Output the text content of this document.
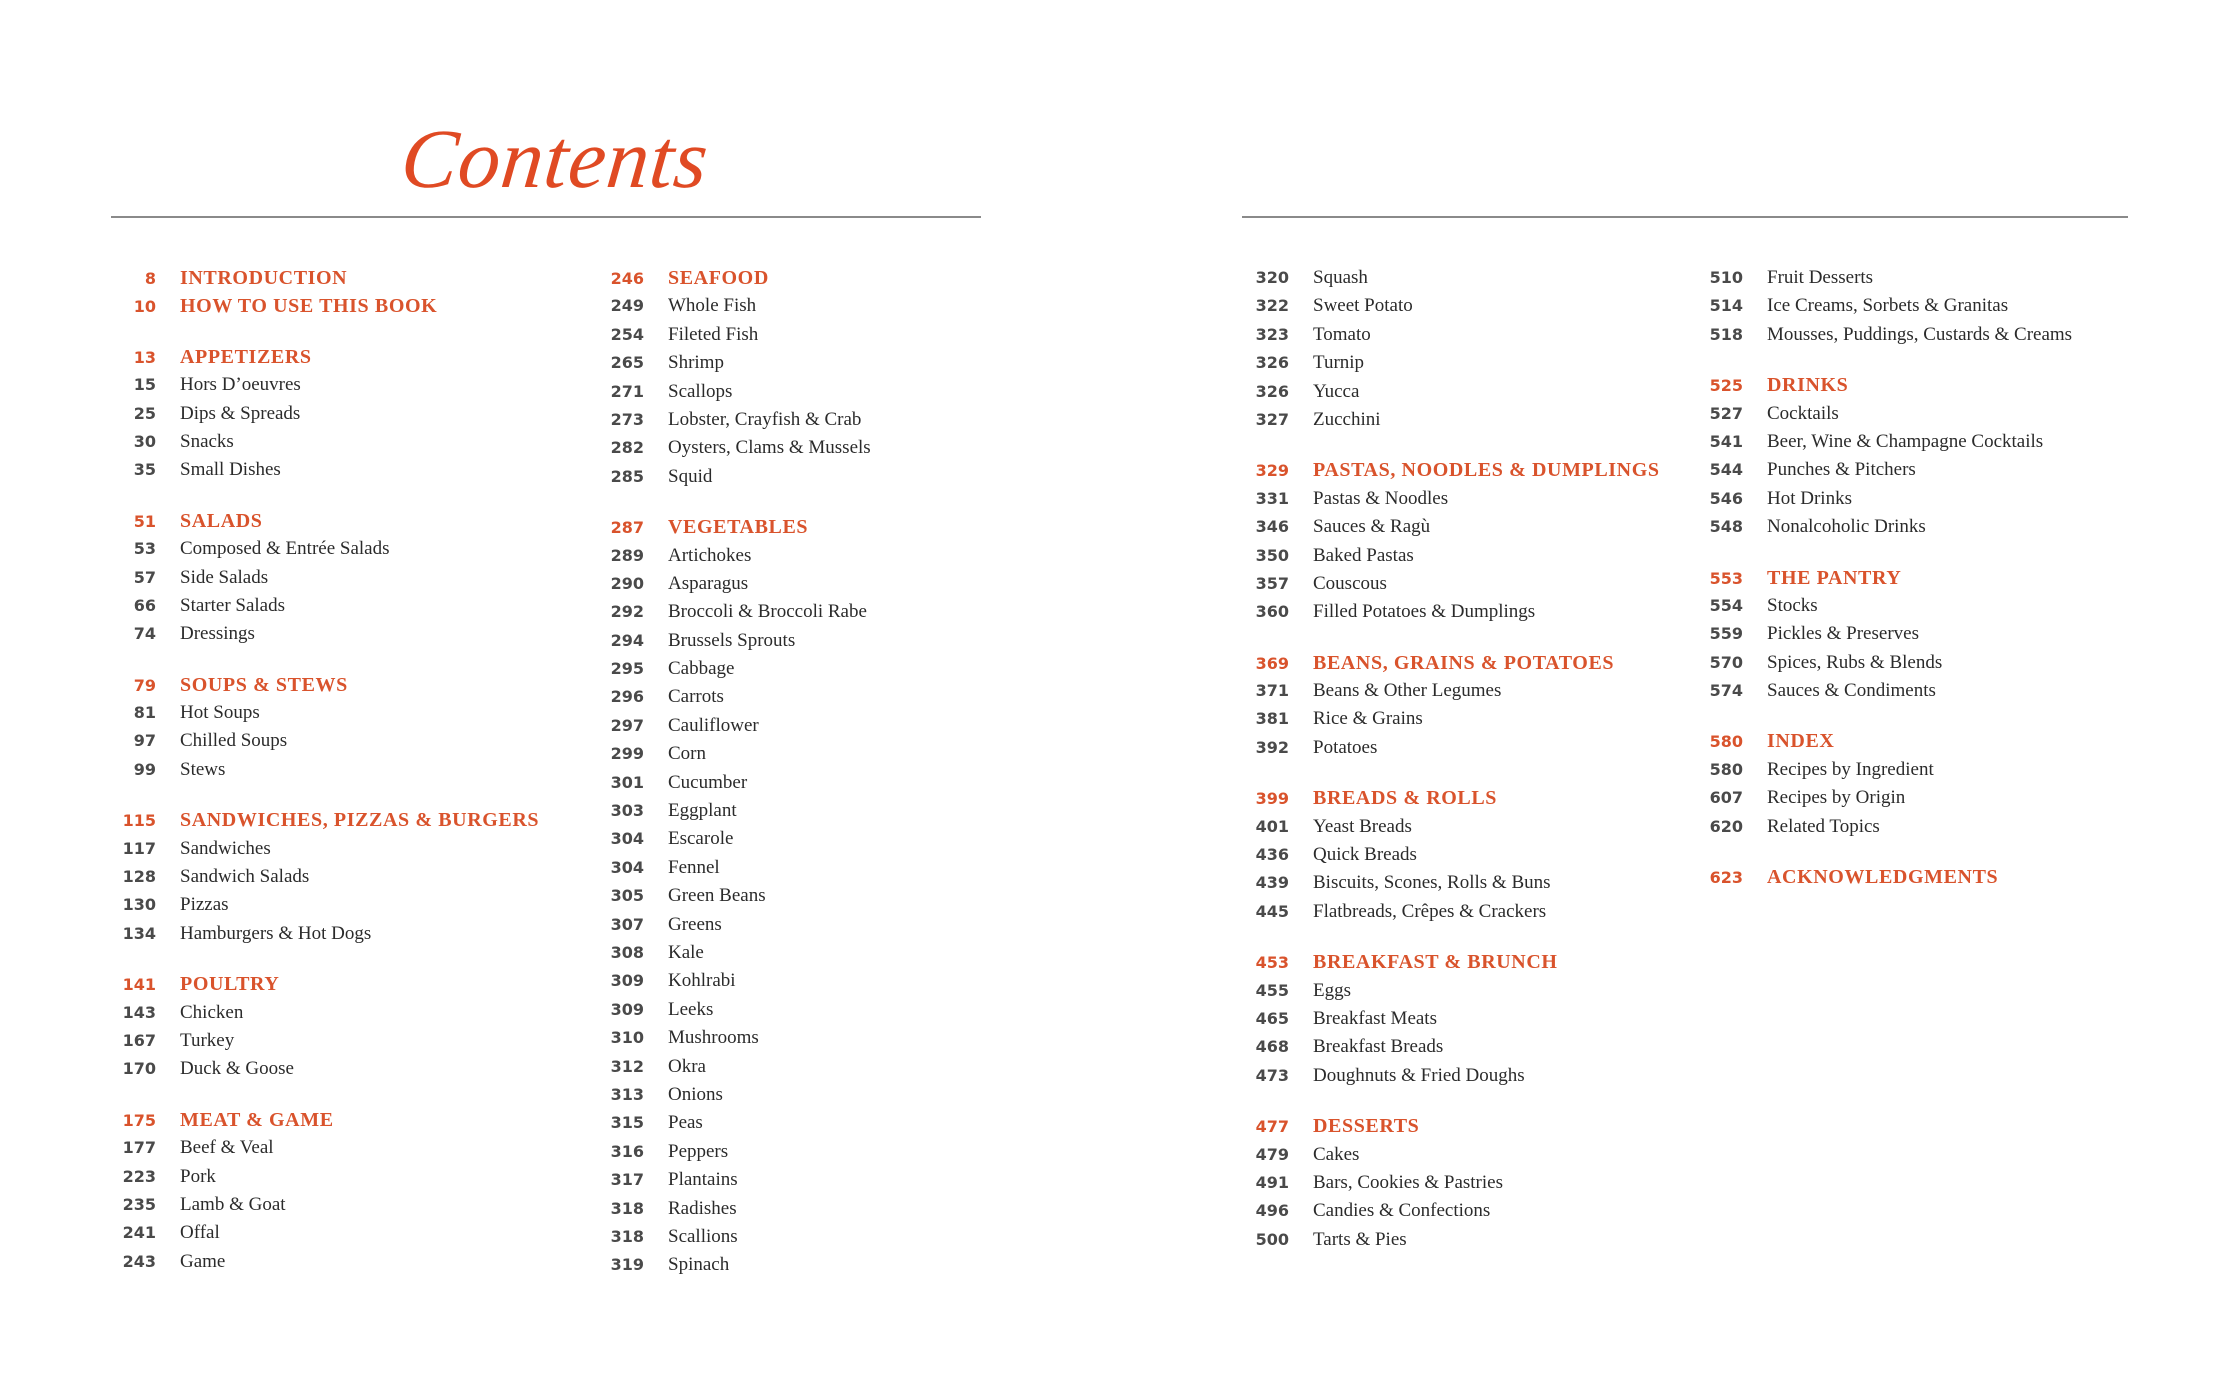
Contents
8	INTRODUCTION
10	HOW TO USE THIS BOOK
13	APPETIZERS
15	Hors D’oeuvres
25	Dips & Spreads
30	Snacks
35	Small Dishes
51	SALADS
53	Composed & Entrée Salads
57	Side Salads
66	Starter Salads
74	Dressings
79	SOUPS & STEWS
81	Hot Soups
97	Chilled Soups
99	Stews
115	SANDWICHES, PIZZAS & BURGERS
117	Sandwiches
128	Sandwich Salads
130	Pizzas
134	Hamburgers & Hot Dogs
141	POULTRY
143	Chicken
167	Turkey
170	Duck & Goose
175	MEAT & GAME
177	Beef & Veal
223	Pork
235	Lamb & Goat
241	Offal
243	Game
246	SEAFOOD
249	Whole Fish
254	Fileted Fish
265	Shrimp
271	Scallops
273	Lobster, Crayfish & Crab
282	Oysters, Clams & Mussels
285	Squid
287	VEGETABLES
289	Artichokes
290	Asparagus
292	Broccoli & Broccoli Rabe
294	Brussels Sprouts
295	Cabbage
296	Carrots
297	Cauliflower
299	Corn
301	Cucumber
303	Eggplant
304	Escarole
304	Fennel
305	Green Beans
307	Greens
308	Kale
309	Kohlrabi
309	Leeks
310	Mushrooms
312	Okra
313	Onions
315	Peas
316	Peppers
317	Plantains
318	Radishes
318	Scallions
319	Spinach
320	Squash
322	Sweet Potato
323	Tomato
326	Turnip
326	Yucca
327	Zucchini
329	PASTAS, NOODLES & DUMPLINGS
331	Pastas & Noodles
346	Sauces & Ragù
350	Baked Pastas
357	Couscous
360	Filled Potatoes & Dumplings
369	BEANS, GRAINS & POTATOES
371	Beans & Other Legumes
381	Rice & Grains
392	Potatoes
399	BREADS & ROLLS
401	Yeast Breads
436	Quick Breads
439	Biscuits, Scones, Rolls & Buns
445	Flatbreads, Crêpes & Crackers
453	BREAKFAST & BRUNCH
455	Eggs
465	Breakfast Meats
468	Breakfast Breads
473	Doughnuts & Fried Doughs
477	DESSERTS
479	Cakes
491	Bars, Cookies & Pastries
496	Candies & Confections
500	Tarts & Pies
510	Fruit Desserts
514	Ice Creams, Sorbets & Granitas
518	Mousses, Puddings, Custards & Creams
525	DRINKS
527	Cocktails
541	Beer, Wine & Champagne Cocktails
544	Punches & Pitchers
546	Hot Drinks
548	Nonalcoholic Drinks
553	THE PANTRY
554	Stocks
559	Pickles & Preserves
570	Spices, Rubs & Blends
574	Sauces & Condiments
580	INDEX
580	Recipes by Ingredient
607	Recipes by Origin
620	Related Topics
623	ACKNOWLEDGMENTS
